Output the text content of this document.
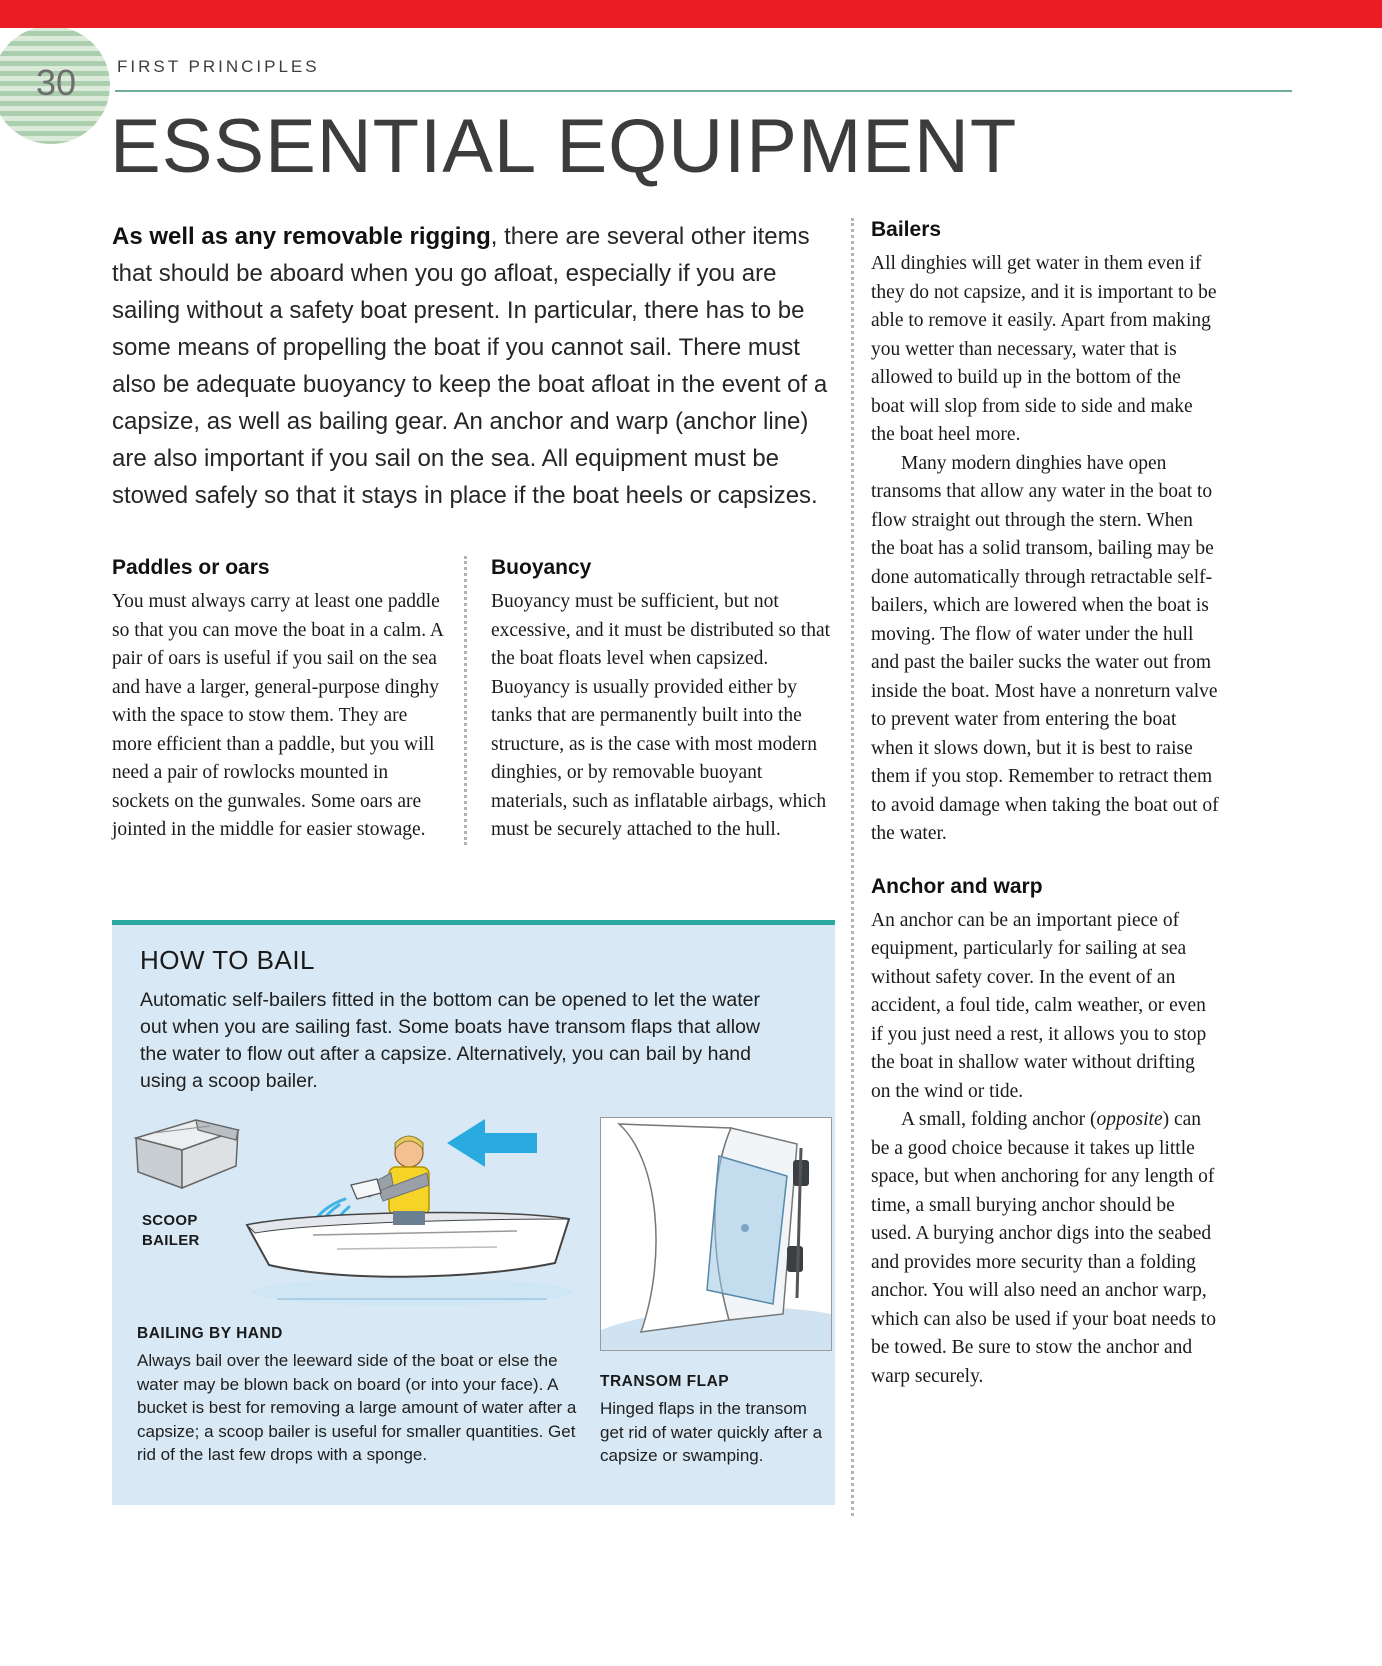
30 FIRST PRINCIPLES
ESSENTIAL EQUIPMENT

As well as any removable rigging, there are several other items that should be aboard when you go afloat, especially if you are sailing without a safety boat present. In particular, there has to be some means of propelling the boat if you cannot sail. There must also be adequate buoyancy to keep the boat afloat in the event of a capsize, as well as bailing gear. An anchor and warp (anchor line) are also important if you sail on the sea. All equipment must be stowed safely so that it stays in place if the boat heels or capsizes.

Paddles or oars

You must always carry at least one paddle so that you can move the boat in a calm. A pair of oars is useful if you sail on the sea and have a larger, general-purpose dinghy with the space to stow them. They are more efficient than a paddle, but you will need a pair of rowlocks mounted in sockets on the gunwales. Some oars are jointed in the middle for easier stowage.

Buoyancy

Buoyancy must be sufficient, but not excessive, and it must be distributed so that the boat floats level when capsized. Buoyancy is usually provided either by tanks that are permanently built into the structure, as is the case with most modern dinghies, or by removable buoyant materials, such as inflatable airbags, which must be securely attached to the hull.

Bailers

All dinghies will get water in them even if they do not capsize, and it is important to be able to remove it easily. Apart from making you wetter than necessary, water that is allowed to build up in the bottom of the boat will slop from side to side and make the boat heel more.

Many modern dinghies have open transoms that allow any water in the boat to flow straight out through the stern. When the boat has a solid transom, bailing may be done automatically through retractable self-bailers, which are lowered when the boat is moving. The flow of water under the hull and past the bailer sucks the water out from inside the boat. Most have a nonreturn valve to prevent water from entering the boat when it slows down, but it is best to raise them if you stop. Remember to retract them to avoid damage when taking the boat out of the water.

Anchor and warp

An anchor can be an important piece of equipment, particularly for sailing at sea without safety cover. In the event of an accident, a foul tide, calm weather, or even if you just need a rest, it allows you to stop the boat in shallow water without drifting on the wind or tide.

A small, folding anchor (opposite) can be a good choice because it takes up little space, but when anchoring for any length of time, a small burying anchor should be used. A burying anchor digs into the seabed and provides more security than a folding anchor. You will also need an anchor warp, which can also be used if your boat needs to be towed. Be sure to stow the anchor and warp securely.

HOW TO BAIL

Automatic self-bailers fitted in the bottom can be opened to let the water out when you are sailing fast. Some boats have transom flaps that allow the water to flow out after a capsize. Alternatively, you can bail by hand using a scoop bailer.

SCOOP BAILER
BAILING BY HAND

Always bail over the leeward side of the boat or else the water may be blown back on board (or into your face). A bucket is best for removing a large amount of water after a capsize; a scoop bailer is useful for smaller quantities. Get rid of the last few drops with a sponge.

TRANSOM FLAP

Hinged flaps in the transom get rid of water quickly after a capsize or swamping.
